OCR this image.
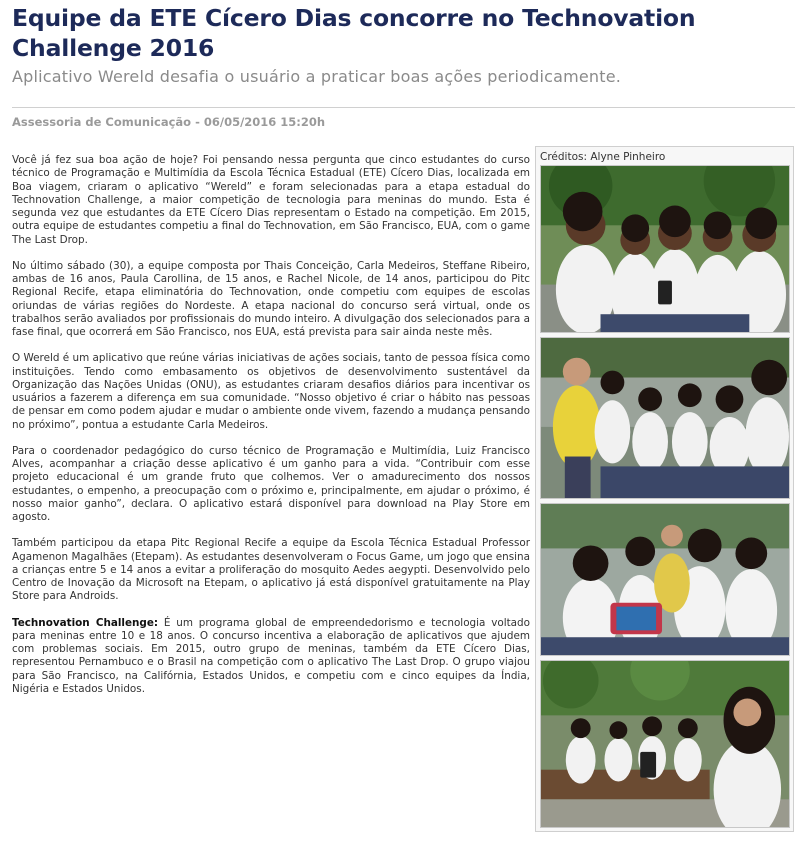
Equipe da ETE Cícero Dias concorre no Technovation Challenge 2016
Aplicativo Wereld desafia o usuário a praticar boas ações periodicamente.
Assessoria de Comunicação - 06/05/2016 15:20h

Você já fez sua boa ação de hoje? Foi pensando nessa pergunta que cinco estudantes do curso técnico de Programação e Multimídia da Escola Técnica Estadual (ETE) Cícero Dias, localizada em Boa viagem, criaram o aplicativo “Wereld” e foram selecionadas para a etapa estadual do Technovation Challenge, a maior competição de tecnologia para meninas do mundo. Esta é segunda vez que estudantes da ETE Cícero Dias representam o Estado na competição. Em 2015, outra equipe de estudantes competiu a final do Technovation, em São Francisco, EUA, com o game The Last Drop.

No último sábado (30), a equipe composta por Thais Conceição, Carla Medeiros, Steffane Ribeiro, ambas de 16 anos, Paula Carollina, de 15 anos, e Rachel Nicole, de 14 anos, participou do Pitc Regional Recife, etapa eliminatória do Technovation, onde competiu com equipes de escolas oriundas de várias regiões do Nordeste. A etapa nacional do concurso será virtual, onde os trabalhos serão avaliados por profissionais do mundo inteiro. A divulgação dos selecionados para a fase final, que ocorrerá em São Francisco, nos EUA, está prevista para sair ainda neste mês.

O Wereld é um aplicativo que reúne várias iniciativas de ações sociais, tanto de pessoa física como instituições. Tendo como embasamento os objetivos de desenvolvimento sustentável da Organização das Nações Unidas (ONU), as estudantes criaram desafios diários para incentivar os usuários a fazerem a diferença em sua comunidade. “Nosso objetivo é criar o hábito nas pessoas de pensar em como podem ajudar e mudar o ambiente onde vivem, fazendo a mudança pensando no próximo”, pontua a estudante Carla Medeiros.

Para o coordenador pedagógico do curso técnico de Programação e Multimídia, Luiz Francisco Alves, acompanhar a criação desse aplicativo é um ganho para a vida. “Contribuir com esse projeto educacional é um grande fruto que colhemos. Ver o amadurecimento dos nossos estudantes, o empenho, a preocupação com o próximo e, principalmente, em ajudar o próximo, é nosso maior ganho”, declara. O aplicativo estará disponível para download na Play Store em agosto.

Também participou da etapa Pitc Regional Recife a equipe da Escola Técnica Estadual Professor Agamenon Magalhães (Etepam). As estudantes desenvolveram o Focus Game, um jogo que ensina a crianças entre 5 e 14 anos a evitar a proliferação do mosquito Aedes aegypti. Desenvolvido pelo Centro de Inovação da Microsoft na Etepam, o aplicativo já está disponível gratuitamente na Play Store para Androids.

Technovation Challenge: É um programa global de empreendedorismo e tecnologia voltado para meninas entre 10 e 18 anos. O concurso incentiva a elaboração de aplicativos que ajudem com problemas sociais. Em 2015, outro grupo de meninas, também da ETE Cícero Dias, representou Pernambuco e o Brasil na competição com o aplicativo The Last Drop. O grupo viajou para São Francisco, na Califórnia, Estados Unidos, e competiu com e cinco equipes da Índia, Nigéria e Estados Unidos.

Créditos: Alyne Pinheiro
